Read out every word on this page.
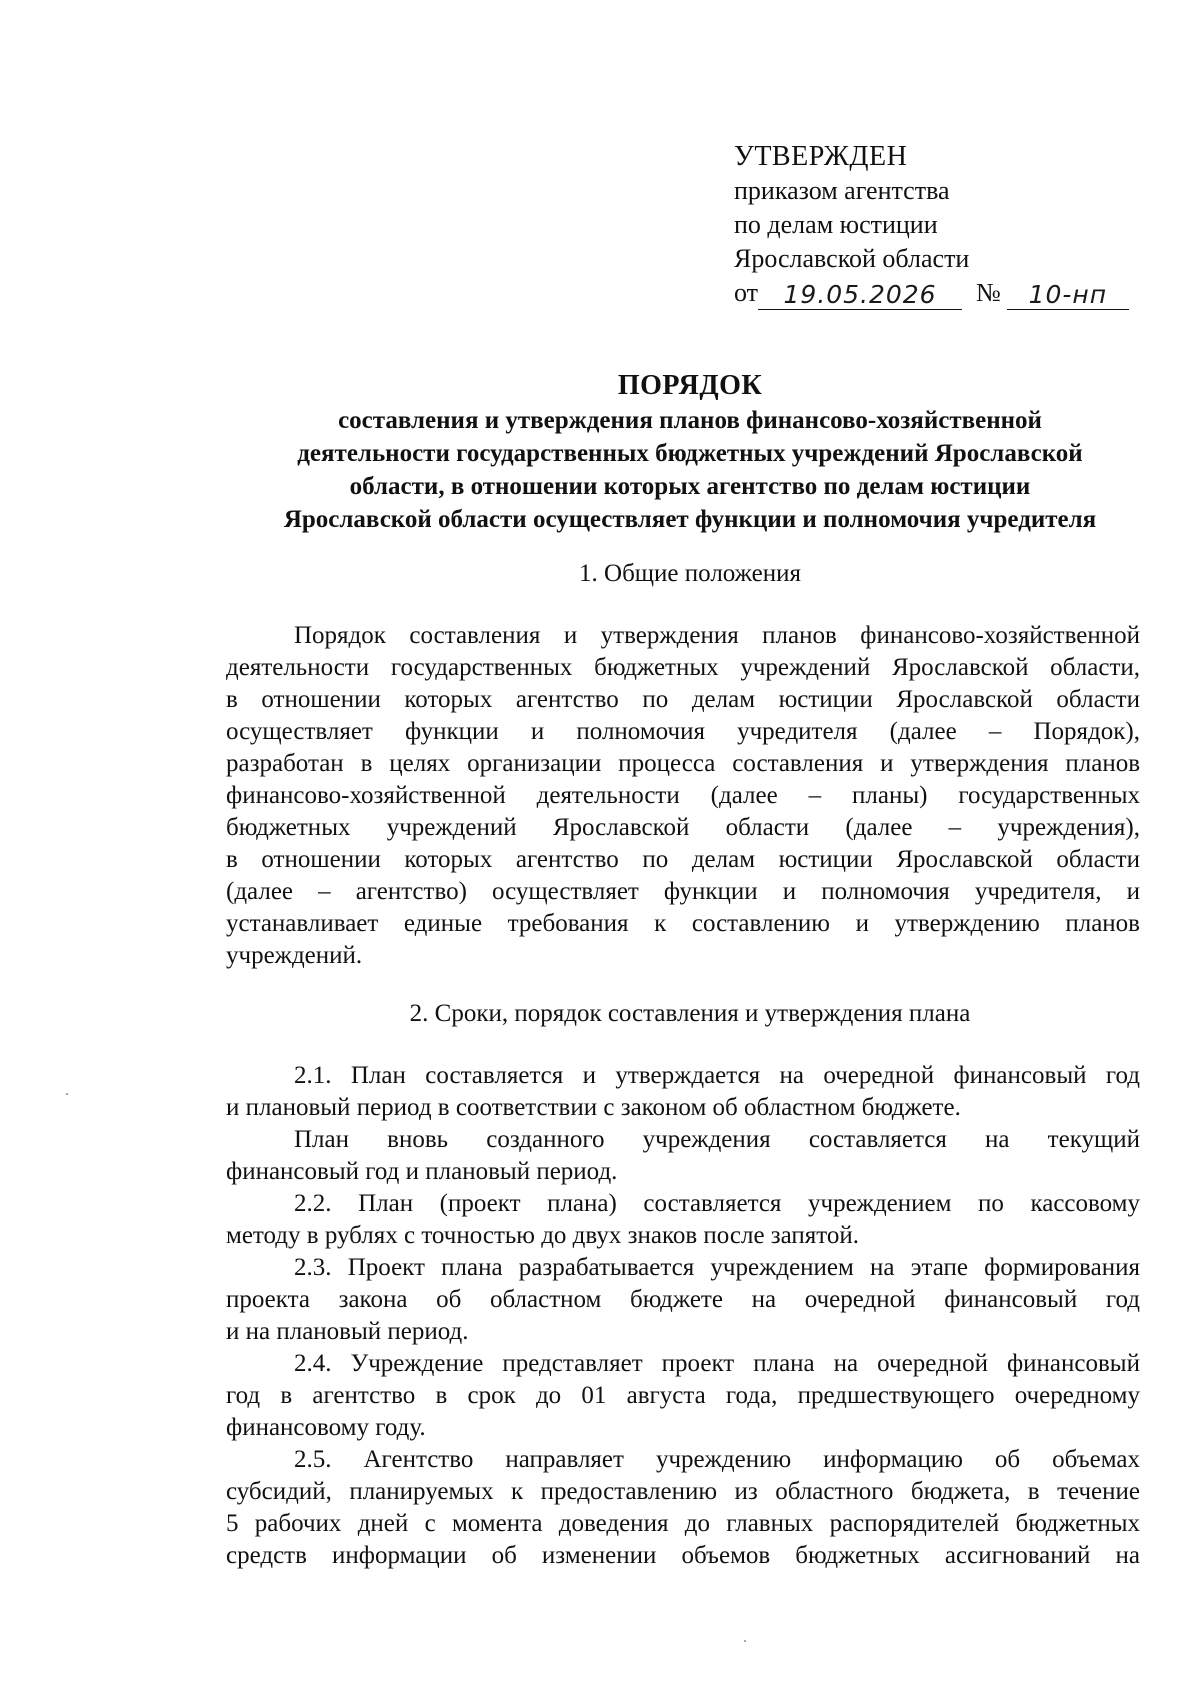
УТВЕРЖДЕН
приказом агентства
по делам юстиции
Ярославской области
от	19.05.2026	№	10-нп
ПОРЯДОК
составления и утверждения планов финансово-хозяйственной
деятельности государственных бюджетных учреждений Ярославской
области, в отношении которых агентство по делам юстиции
Ярославской области осуществляет функции и полномочия учредителя
1. Общие положения
Порядок составления и утверждения планов финансово-хозяйственной
деятельности государственных бюджетных учреждений Ярославской области,
в отношении которых агентство по делам юстиции Ярославской области
осуществляет функции и полномочия учредителя (далее – Порядок),
разработан в целях организации процесса составления и утверждения планов
финансово-хозяйственной деятельности (далее – планы) государственных
бюджетных учреждений Ярославской области (далее – учреждения),
в отношении которых агентство по делам юстиции Ярославской области
(далее – агентство) осуществляет функции и полномочия учредителя, и
устанавливает единые требования к составлению и утверждению планов
учреждений.
2. Сроки, порядок составления и утверждения плана
2.1. План составляется и утверждается на очередной финансовый год
и плановый период в соответствии с законом об областном бюджете.
План вновь созданного учреждения составляется на текущий
финансовый год и плановый период.
2.2. План (проект плана) составляется учреждением по кассовому
методу в рублях с точностью до двух знаков после запятой.
2.3. Проект плана разрабатывается учреждением на этапе формирования
проекта закона об областном бюджете на очередной финансовый год
и на плановый период.
2.4. Учреждение представляет проект плана на очередной финансовый
год в агентство в срок до 01 августа года, предшествующего очередному
финансовому году.
2.5. Агентство направляет учреждению информацию об объемах
субсидий, планируемых к предоставлению из областного бюджета, в течение
5 рабочих дней с момента доведения до главных распорядителей бюджетных
средств информации об изменении объемов бюджетных ассигнований на
